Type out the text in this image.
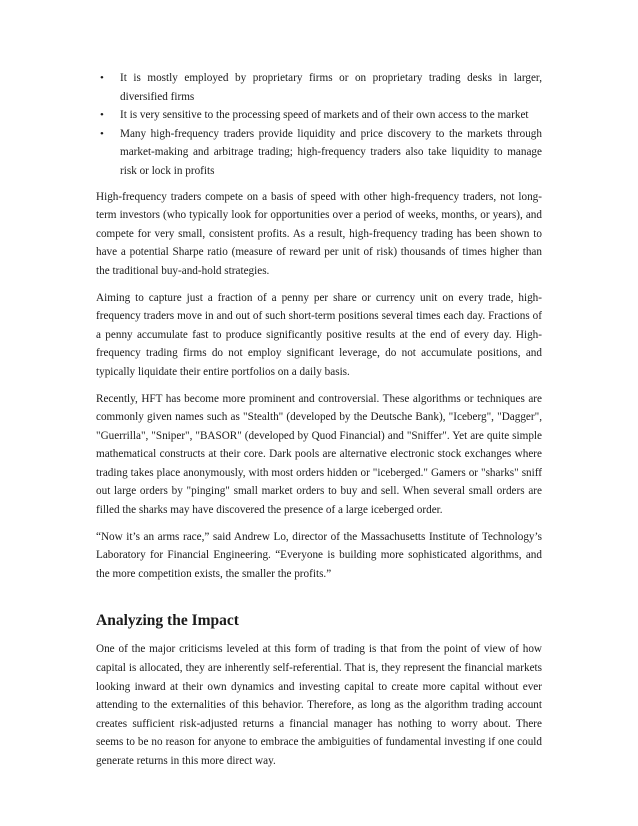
• It is mostly employed by proprietary firms or on proprietary trading desks in larger, diversified firms
• It is very sensitive to the processing speed of markets and of their own access to the market
• Many high-frequency traders provide liquidity and price discovery to the markets through market-making and arbitrage trading; high-frequency traders also take liquidity to manage risk or lock in profits

High-frequency traders compete on a basis of speed with other high-frequency traders, not long-term investors (who typically look for opportunities over a period of weeks, months, or years), and compete for very small, consistent profits. As a result, high-frequency trading has been shown to have a potential Sharpe ratio (measure of reward per unit of risk) thousands of times higher than the traditional buy-and-hold strategies.

Aiming to capture just a fraction of a penny per share or currency unit on every trade, high-frequency traders move in and out of such short-term positions several times each day. Fractions of a penny accumulate fast to produce significantly positive results at the end of every day. High-frequency trading firms do not employ significant leverage, do not accumulate positions, and typically liquidate their entire portfolios on a daily basis.

Recently, HFT has become more prominent and controversial. These algorithms or techniques are commonly given names such as "Stealth" (developed by the Deutsche Bank), "Iceberg", "Dagger", "Guerrilla", "Sniper", "BASOR" (developed by Quod Financial) and "Sniffer". Yet are quite simple mathematical constructs at their core. Dark pools are alternative electronic stock exchanges where trading takes place anonymously, with most orders hidden or "iceberged." Gamers or "sharks" sniff out large orders by "pinging" small market orders to buy and sell. When several small orders are filled the sharks may have discovered the presence of a large iceberged order.

“Now it’s an arms race,” said Andrew Lo, director of the Massachusetts Institute of Technology’s Laboratory for Financial Engineering. “Everyone is building more sophisticated algorithms, and the more competition exists, the smaller the profits.”

Analyzing the Impact

One of the major criticisms leveled at this form of trading is that from the point of view of how capital is allocated, they are inherently self-referential. That is, they represent the financial markets looking inward at their own dynamics and investing capital to create more capital without ever attending to the externalities of this behavior. Therefore, as long as the algorithm trading account creates sufficient risk-adjusted returns a financial manager has nothing to worry about. There seems to be no reason for anyone to embrace the ambiguities of fundamental investing if one could generate returns in this more direct way.
